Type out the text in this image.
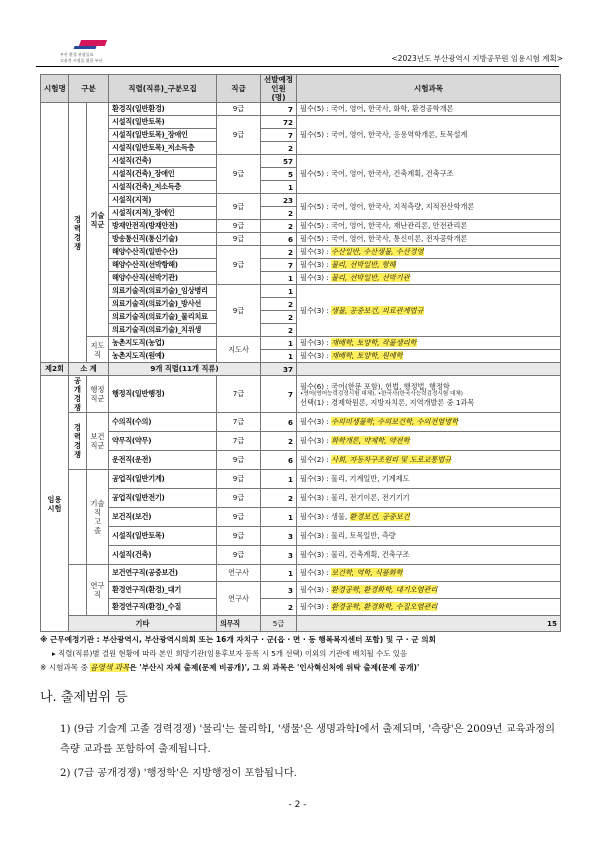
부산 환경 관광물표
고품격 시정을 위한 부산	<2023년도 부산광역시 지방공무원 임용시험 계획>
시험명	구분		직렬(직류)_구분모집	직급	선발예정 인원 (명)	시험과목	
	경력 경쟁	기술 직군	환경직(일반환경)	9급	7	필수(5) : 국어, 영어, 한국사, 화학, 환경공학개론	
			시설직(일반토목)	9급	72	필수(5) : 국어, 영어, 한국사, 응용역학개론, 토목설계	
			시설직(일반토목)_장애인		7		
			시설직(일반토목)_저소득층		2		
			시설직(건축)	9급	57	필수(5) : 국어, 영어, 한국사, 건축계획, 건축구조	
			시설직(건축)_장애인		5		
			시설직(건축)_저소득층		1		
			시설직(지적)	9급	23	필수(5) : 국어, 영어, 한국사, 지적측량, 지적전산학개론	
			시설직(지적)_장애인		2		
			방재안전직(방재안전)	9급	2	필수(5) : 국어, 영어, 한국사, 재난관리론, 안전관리론	
			방송통신직(통신기술)	9급	6	필수(5) : 국어, 영어, 한국사, 통신이론, 전자공학개론	
			해양수산직(일반수산)	9급	2	필수(3) : 수산일반, 수산생물, 수산경영	
			해양수산직(선박항해)		7	필수(3) : 물리, 선박일반, 항해	
			해양수산직(선박기관)		1	필수(3) : 물리, 선박일반, 선박기관	
			의료기술직(의료기술)_임상병리	9급	1	필수(3) : 생물, 공중보건, 의료관계법규	
			의료기술직(의료기술)_방사선		2		
			의료기술직(의료기술)_물리치료		2		
			의료기술직(의료기술)_치위생		2		
		지도직	농촌지도직(농업)	지도사	1	필수(3) : 재배학, 토양학, 작물생리학	
			농촌지도직(원예)		1	필수(3) : 재배학, 토양학, 원예학	
제2회	소 계		9개 직렬(11개 직류)		37		
임용 시험	공개 경쟁	행정 직군	행정직(일반행정)	7급	7	필수(6) : 국어(한문 포함), 헌법, 행정법, 행정학
•영어(영어능력검정시험 대체), •한국사(한국사능력검정시험 대체)
선택(1) : 경제학원론, 지방자치론, 지역개발론 중 1과목	

	경력 경쟁	보건 직군	수의직(수의)	7급	6	필수(3) : 수의미생물학, 수의보건학, 수의전염병학	
			약무직(약무)	7급	2	필수(3) : 화학개론, 약제학, 약전학	
			운전직(운전)	9급	6	필수(2) : 사회, 자동차구조원리 및 도로교통법규	
		기술직 고 졸	공업직(일반기계)	9급	1	필수(3) : 물리, 기계일반, 기계제도	
			공업직(일반전기)	9급	2	필수(3) : 물리, 전기이론, 전기기기	
			보건직(보건)	9급	1	필수(3) : 생물, 환경보건, 공중보건	
			시설직(일반토목)	9급	3	필수(3) : 물리, 토목일반, 측량	
			시설직(건축)	9급	3	필수(3) : 물리, 건축계획, 건축구조	
		연구직	보건연구직(공중보건)	연구사	1	필수(3) : 보건학, 역학, 식품화학	
			환경연구직(환경)_대기	연구사	3	필수(3) : 환경공학, 환경화학, 대기오염관리	
			환경연구직(환경)_수질		2	필수(3) : 환경공학, 환경화학, 수질오염관리	
	기타			의무직	5급	15	
※ 근무예정기관 : 부산광역시, 부산광역시의회 또는 16개 자치구 · 군(읍 · 면 · 동 행복복지센터 포함) 및 구 · 군 의회
▸ 직렬(직류)별 결원 현황에 따라 본인 희망기관(임용후보자 등록 시 5개 선택) 이외의 기관에 배치될 수도 있음
※ 시험과목 중 음영색 과목은 '부산시 자체 출제(문제 비공개)', 그 외 과목은 '인사혁신처에 위탁 출제(문제 공개)'
나. 출제범위 등
1) (9급 기술계 고졸 경력경쟁) '물리'는 물리학Ⅰ, '생물'은 생명과학Ⅰ에서 출제되며, '측량'은 2009년 교육과정의 측량 교과를 포함하여 출제됩니다.
2) (7급 공개경쟁) '행정학'은 지방행정이 포함됩니다.
- 2 -
